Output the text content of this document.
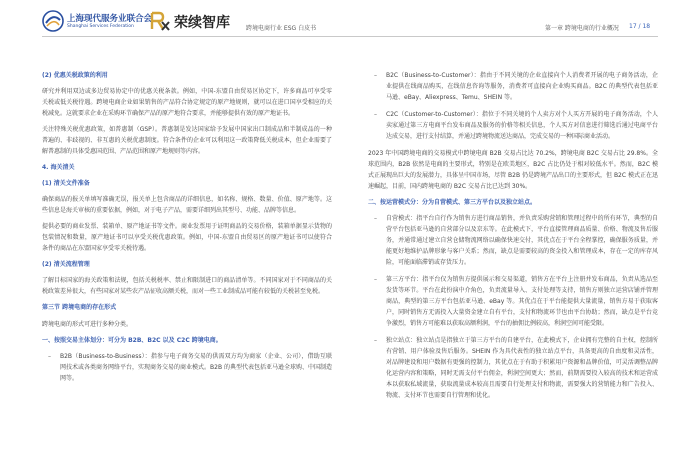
上海现代服务业联合会
Shanghai Services Federation	荣续智库	跨境电商行业 ESG 白皮书	第一章 跨境电商的行业概况 17 / 18
(2) 优惠关税政策的利用

研究并利用双边或多边贸易协定中的优惠关税条款。例如，中国-东盟自由贸易区协定下，许多商品可享受零关税或低关税待遇。跨境电商企业如果销售的产品符合协定规定的原产地规则，就可以在进口国享受相应的关税减免。这就要求企业在采购环节确保产品的原产地符合要求，并能够提供有效的原产地证书。

关注特殊关税优惠政策，如普惠制（GSP）。普惠制是发达国家给予发展中国家出口制成品和半制成品的一种普遍的、非歧视的、非互惠的关税优惠制度。符合条件的企业可以利用这一政策降低关税成本，但企业需要了解普惠制的具体受惠国范围、产品范围和原产地规则等内容。

4. 海关清关
(1) 清关文件准备

确保商品的报关单填写准确无误，报关单上包含商品的详细信息，如名称、规格、数量、价值、原产地等。这些信息是海关审核的重要依据，例如，对于电子产品，需要详细列出其型号、功能、品牌等信息。

提供必要的商业发票、装箱单、原产地证书等文件。商业发票用于证明商品的交易价格，装箱单据显示货物的包装情况和数量，原产地证书可以享受关税优惠政策。例如，中国-东盟自由贸易区的原产地证书可以使符合条件的商品在东盟国家享受零关税待遇。

(2) 清关流程管理

了解目标国家的海关政策和法规，包括关税税率、禁止和限制进口的商品清单等。不同国家对于不同商品的关税政策差异很大，有些国家对某些农产品征收高额关税，而对一些工业制成品可能有较低的关税甚至免税。

第三节 跨境电商的存在形式

跨境电商的形式可进行多种分类。

一、按照交易主体划分：可分为 B2B、B2C 以及 C2C 跨境电商。
– B2B（Business-to-Business）：指参与电子商务交易的供需双方均为商家（企业、公司），借助互联网技术或各类商务网络平台，实现商务交易的商业模式。B2B 的典型代表包括亚马逊全球购、中国制造网等。
– B2C（Business-to-Customer）：指由于不同关境的企业直接向个人消费者开展的电子商务活动，企业提供在线商品购买，在线信息咨询等服务，消费者可直接向企业购买商品。B2C 的典型代表包括亚马逊、eBay、Aliexpress、Temu、SHEIN 等。
– C2C（Customer-to-Customer）：指位于不同关境的个人卖方对个人买方开展的电子商务活动，个人卖家通过第三方电商平台发布商品及服务的价格等相关信息，个人买方对信息进行筛选后通过电商平台达成交易，进行支付结算，并通过跨境物流送达商品，完成交易的一种国际商业活动。

2023 年中国跨境电商的交易模式中跨境电商 B2B 交易占比达 70.2%，跨境电商 B2C 交易占比 29.8%。全球范围内，B2B 依然是电商的主要形式，特别是在欧美地区，B2C 占比仍处于相对较低水平。然而，B2C 模式正展现出巨大的发展潜力，具体呈中国市场，尽管 B2B 仍是跨境产品出口的主要形式，但 B2C 模式正在迅速崛起，目前，国内跨境电商的 B2C 交易占比已达到 30%。

二、按运营模式分：分为自营模式、第三方平台以及独立站点。
– 自营模式：指平台自行作为销售方进行商品销售，并负责采购营销和管理过程中的所有环节，典型的自营平台包括亚马逊的自营部分以及京东等。在此模式下，平台直接管理商品质量、价格、物流及售后服务，并通常通过建立自营仓储物流网络以确保快速交付，其优点在于平台全程掌控，确保服务质量，并能更好地维护品牌形象与客户关系；然而，缺点是需要较高的资金投入和管理成本，存在一定的库存风险，可能面临滞销或存货压力。
– 第三方平台：指平台仅为销售方提供展示和交易渠道，销售方在平台上注册并发布商品，负责从选品至发货等环节。平台在此扮演中介角色，负责流量导入、支付处理等支持，销售方则独立运营店铺并管理商品，典型的第三方平台包括亚马逊、eBay 等。其优点在于平台能提供大量流量，销售方易于获取客户，同时销售方无需投入大量资金建立自有平台，支付和物流环节也由平台协助；然而，缺点是平台竞争激烈，销售方可能难以获取高额利润，平台的抽佣比例较高，利润空间可能受限。
– 独立站点：独立站点是指独立于第三方平台的自建平台，在此模式下，企业拥有完整的自主权，控制所有营销、用户体验及售后服务。SHEIN 作为具代表性的独立站点平台，具备更高的自由度和灵活性，对品牌建设和用户数据有更强的控制力，其优点在于有助于积累用户资源和品牌价值，可灵活调整品牌化运营内容和策略，同时无需支付平台佣金，利润空间更大；然而，前期需要投入较高的技术和运营成本以获取私域流量，获取流量成本较高且需要自行处理支付和物流，需要强大的营销能力和广告投入、物流、支付环节也需要自行管理和优化。
